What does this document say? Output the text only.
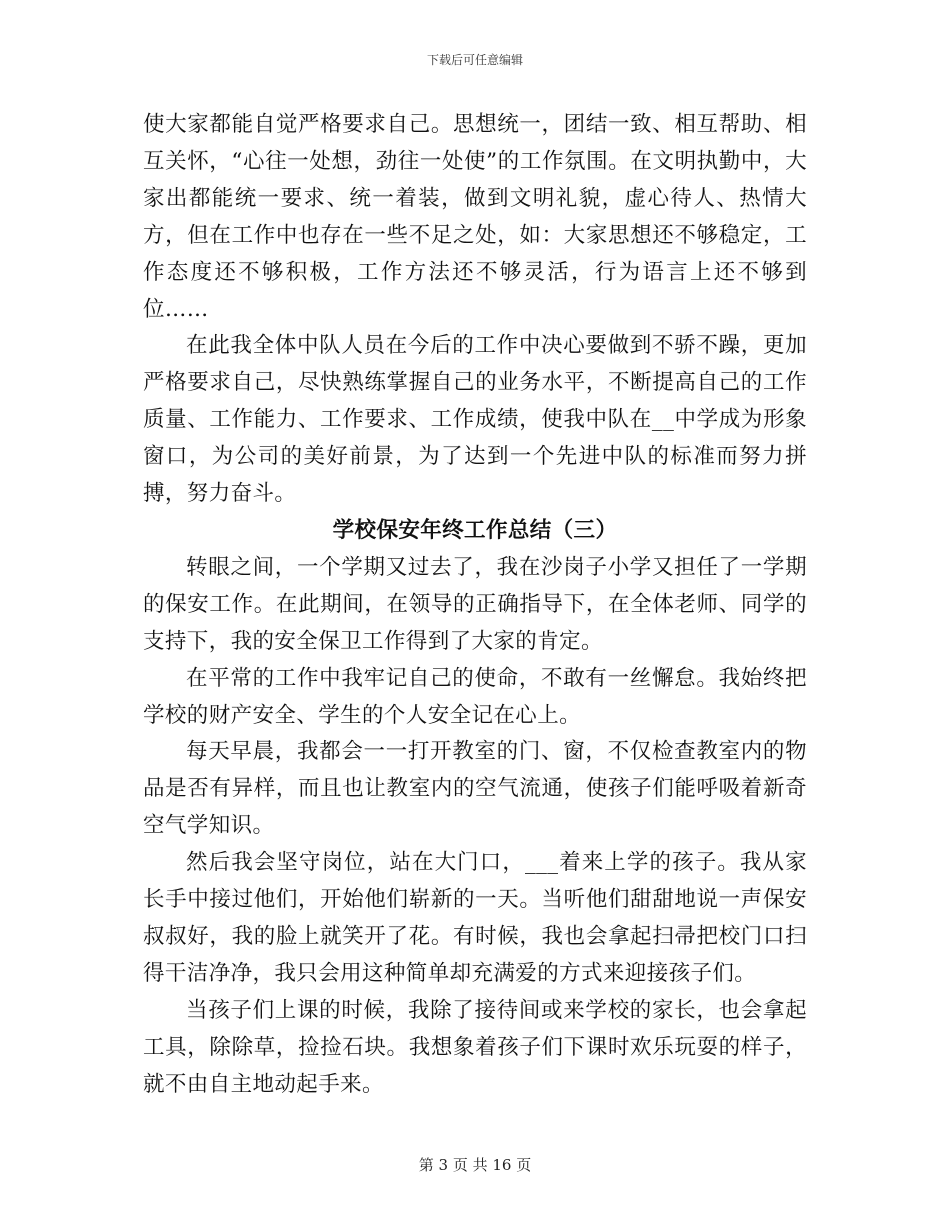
下载后可任意编辑

使大家都能自觉严格要求自己。思想统一，团结一致、相互帮助、相互关怀，“心往一处想，劲往一处使”的工作氛围。在文明执勤中，大家出都能统一要求、统一着装，做到文明礼貌，虚心待人、热情大方，但在工作中也存在一些不足之处，如：大家思想还不够稳定，工作态度还不够积极，工作方法还不够灵活，行为语言上还不够到位……

在此我全体中队人员在今后的工作中决心要做到不骄不躁，更加严格要求自己，尽快熟练掌握自己的业务水平，不断提高自己的工作质量、工作能力、工作要求、工作成绩，使我中队在__中学成为形象窗口，为公司的美好前景，为了达到一个先进中队的标准而努力拼搏，努力奋斗。

学校保安年终工作总结（三）

转眼之间，一个学期又过去了，我在沙岗子小学又担任了一学期的保安工作。在此期间，在领导的正确指导下，在全体老师、同学的支持下，我的安全保卫工作得到了大家的肯定。

在平常的工作中我牢记自己的使命，不敢有一丝懈怠。我始终把学校的财产安全、学生的个人安全记在心上。

每天早晨，我都会一一打开教室的门、窗，不仅检查教室内的物品是否有异样，而且也让教室内的空气流通，使孩子们能呼吸着新奇空气学知识。

然后我会坚守岗位，站在大门口，___着来上学的孩子。我从家长手中接过他们，开始他们崭新的一天。当听他们甜甜地说一声保安叔叔好，我的脸上就笑开了花。有时候，我也会拿起扫帚把校门口扫得干洁净净，我只会用这种简单却充满爱的方式来迎接孩子们。

当孩子们上课的时候，我除了接待间或来学校的家长，也会拿起工具，除除草，捡捡石块。我想象着孩子们下课时欢乐玩耍的样子，就不由自主地动起手来。

第 3 页 共 16 页
